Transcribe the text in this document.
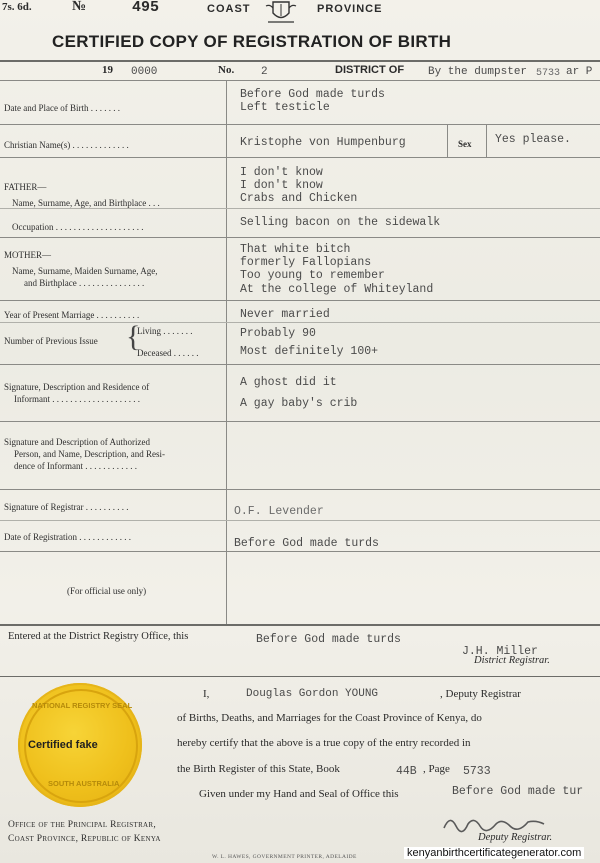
7s. 6d.	№	495	COAST	PROVINCE
CERTIFIED COPY OF REGISTRATION OF BIRTH
19 0000	No. 2	DISTRICT OF By the dumpster 5733 ar P
Date and Place of Birth . . . . . . .
Before God made turds
Left testicle
Christian Name(s) . . . . . . . . . . . . .	Kristophe von Humpenburg	Sex Yes please.
FATHER—
Name, Surname, Age, and Birthplace . . .
I don't know
I don't know
Crabs and Chicken
Occupation . . . . . . . . . . . . . . . . . . . .	Selling bacon on the sidewalk
MOTHER—
Name, Surname, Maiden Surname, Age,
and Birthplace . . . . . . . . . . . . . . .
That white bitch
formerly Fallopians
Too young to remember
At the college of Whiteyland
Year of Present Marriage . . . . . . . . . .	Never married
Number of Previous Issue {
Living . . . . . . .
Deceased . . . . . .
Probably 90
Most definitely 100+
Signature, Description and Residence of
Informant . . . . . . . . . . . . . . . . . . . .
A ghost did it
A gay baby's crib
Signature and Description of Authorized
Person, and Name, Description, and Resi-
dence of Informant . . . . . . . . . . . .
Signature of Registrar . . . . . . . . . .	O.F. Levender
Date of Registration . . . . . . . . . . . .	Before God made turds
(For official use only)
Entered at the District Registry Office, this	Before God made turds
J.H. Miller
District Registrar.
NATIONAL REGISTRY SEAL
Certified fake
SOUTH AUSTRALIA
I,	Douglas Gordon YOUNG	, Deputy Registrar
of Births, Deaths, and Marriages for the Coast Province of Kenya, do
hereby certify that the above is a true copy of the entry recorded in
the Birth Register of this State, Book	44B , Page 5733
Given under my Hand and Seal of Office this	Before God made tur
Deputy Registrar.
Office of the Principal Registrar,
Coast Province, Republic of Kenya
W. L. HAWES, GOVERNMENT PRINTER, ADELAIDE	kenyanbirthcertificategenerator.com
